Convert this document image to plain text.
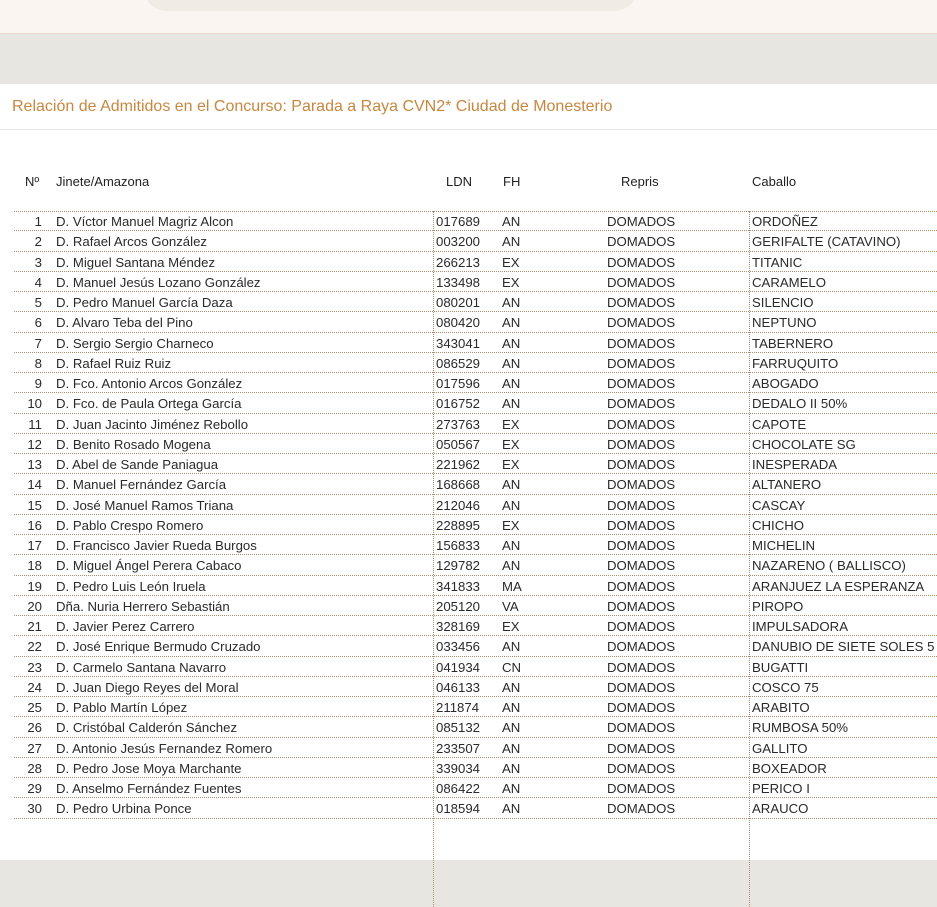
Relación de Admitidos en el Concurso: Parada a Raya CVN2* Ciudad de Monesterio
Nº Jinete/Amazona	LDN FH	Repris	Caballo
1 D. Víctor Manuel Magriz Alcon	017689 AN	DOMADOS	ORDOÑEZ
2 D. Rafael Arcos González	003200 AN	DOMADOS	GERIFALTE (CATAVINO)
3 D. Miguel Santana Méndez	266213 EX	DOMADOS	TITANIC
4 D. Manuel Jesús Lozano González	133498 EX	DOMADOS	CARAMELO
5 D. Pedro Manuel García Daza	080201 AN	DOMADOS	SILENCIO
6 D. Alvaro Teba del Pino	080420 AN	DOMADOS	NEPTUNO
7 D. Sergio Sergio Charneco	343041 AN	DOMADOS	TABERNERO
8 D. Rafael Ruiz Ruiz	086529 AN	DOMADOS	FARRUQUITO
9 D. Fco. Antonio Arcos González	017596 AN	DOMADOS	ABOGADO
10 D. Fco. de Paula Ortega García	016752 AN	DOMADOS	DEDALO II 50%
11 D. Juan Jacinto Jiménez Rebollo	273763 EX	DOMADOS	CAPOTE
12 D. Benito Rosado Mogena	050567 EX	DOMADOS	CHOCOLATE SG
13 D. Abel de Sande Paniagua	221962 EX	DOMADOS	INESPERADA
14 D. Manuel Fernández García	168668 AN	DOMADOS	ALTANERO
15 D. José Manuel Ramos Triana	212046 AN	DOMADOS	CASCAY
16 D. Pablo Crespo Romero	228895 EX	DOMADOS	CHICHO
17 D. Francisco Javier Rueda Burgos	156833 AN	DOMADOS	MICHELIN
18 D. Miguel Ángel Perera Cabaco	129782 AN	DOMADOS	NAZARENO ( BALLISCO)
19 D. Pedro Luis León Iruela	341833 MA	DOMADOS	ARANJUEZ LA ESPERANZA
20 Dña. Nuria Herrero Sebastián	205120 VA	DOMADOS	PIROPO
21 D. Javier Perez Carrero	328169 EX	DOMADOS	IMPULSADORA
22 D. José Enrique Bermudo Cruzado	033456 AN	DOMADOS	DANUBIO DE SIETE SOLES 5
23 D. Carmelo Santana Navarro	041934 CN	DOMADOS	BUGATTI
24 D. Juan Diego Reyes del Moral	046133 AN	DOMADOS	COSCO 75
25 D. Pablo Martín López	211874 AN	DOMADOS	ARABITO
26 D. Cristóbal Calderón Sánchez	085132 AN	DOMADOS	RUMBOSA 50%
27 D. Antonio Jesús Fernandez Romero	233507 AN	DOMADOS	GALLITO
28 D. Pedro Jose Moya Marchante	339034 AN	DOMADOS	BOXEADOR
29 D. Anselmo Fernández Fuentes	086422 AN	DOMADOS	PERICO I
30 D. Pedro Urbina Ponce	018594 AN	DOMADOS	ARAUCO
